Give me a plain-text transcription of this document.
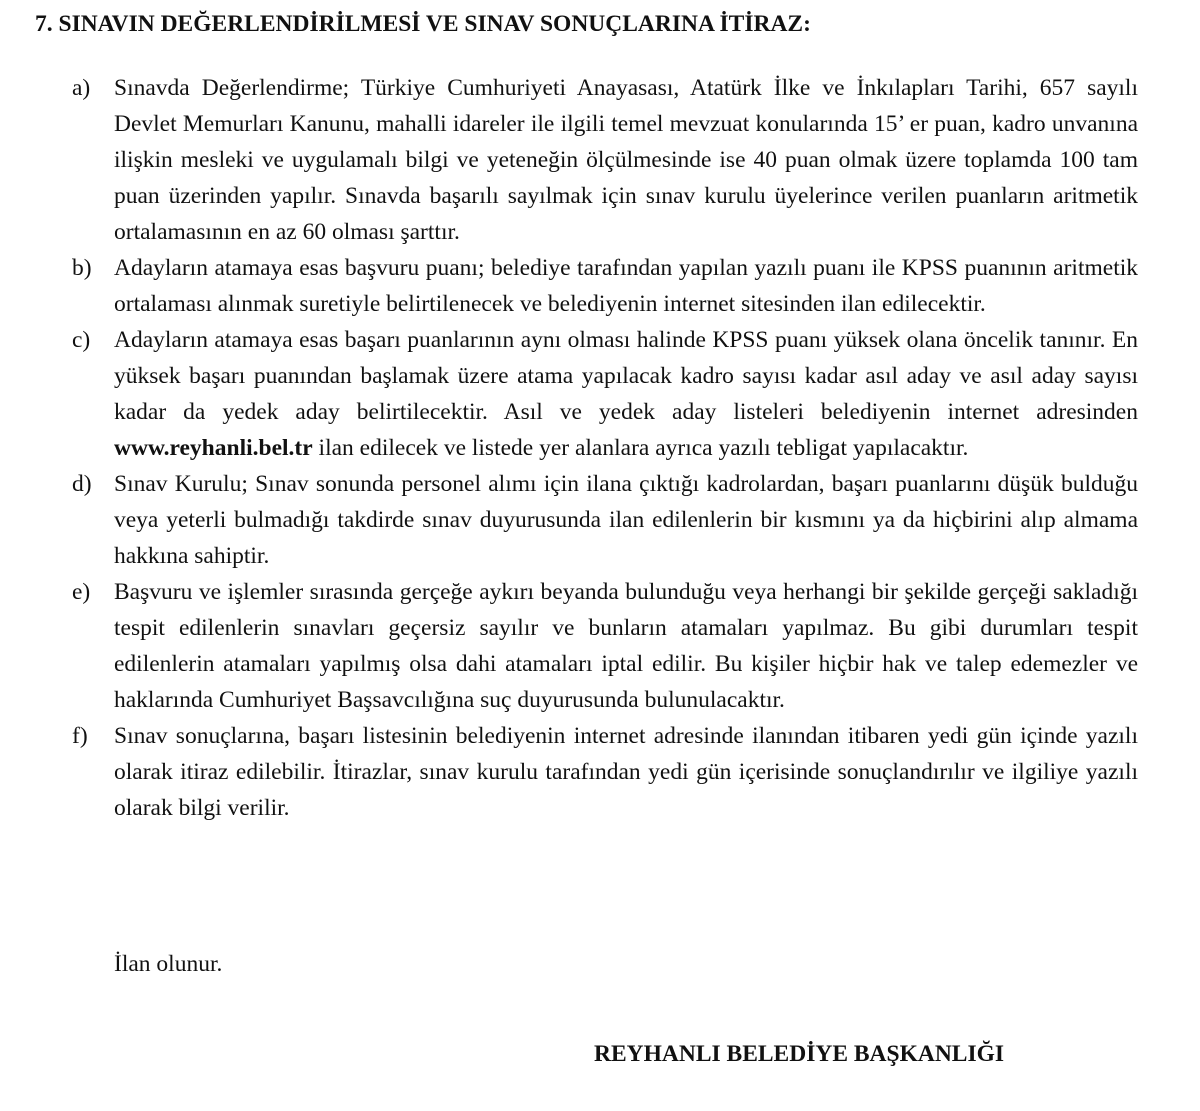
7. SINAVIN DEĞERLENDİRİLMESİ VE SINAV SONUÇLARINA İTİRAZ:
a) Sınavda Değerlendirme; Türkiye Cumhuriyeti Anayasası, Atatürk İlke ve İnkılapları Tarihi, 657 sayılı Devlet Memurları Kanunu, mahalli idareler ile ilgili temel mevzuat konularında 15’ er puan, kadro unvanına ilişkin mesleki ve uygulamalı bilgi ve yeteneğin ölçülmesinde ise 40 puan olmak üzere toplamda 100 tam puan üzerinden yapılır. Sınavda başarılı sayılmak için sınav kurulu üyelerince verilen puanların aritmetik ortalamasının en az 60 olması şarttır.
b) Adayların atamaya esas başvuru puanı; belediye tarafından yapılan yazılı puanı ile KPSS puanının aritmetik ortalaması alınmak suretiyle belirtilenecek ve belediyenin internet sitesinden ilan edilecektir.
c) Adayların atamaya esas başarı puanlarının aynı olması halinde KPSS puanı yüksek olana öncelik tanınır. En yüksek başarı puanından başlamak üzere atama yapılacak kadro sayısı kadar asıl aday ve asıl aday sayısı kadar da yedek aday belirtilecektir. Asıl ve yedek aday listeleri belediyenin internet adresinden www.reyhanli.bel.tr ilan edilecek ve listede yer alanlara ayrıca yazılı tebligat yapılacaktır.
d) Sınav Kurulu; Sınav sonunda personel alımı için ilana çıktığı kadrolardan, başarı puanlarını düşük bulduğu veya yeterli bulmadığı takdirde sınav duyurusunda ilan edilenlerin bir kısmını ya da hiçbirini alıp almama hakkına sahiptir.
e) Başvuru ve işlemler sırasında gerçeğe aykırı beyanda bulunduğu veya herhangi bir şekilde gerçeği sakladığı tespit edilenlerin sınavları geçersiz sayılır ve bunların atamaları yapılmaz. Bu gibi durumları tespit edilenlerin atamaları yapılmış olsa dahi atamaları iptal edilir. Bu kişiler hiçbir hak ve talep edemezler ve haklarında Cumhuriyet Başsavcılığına suç duyurusunda bulunulacaktır.
f) Sınav sonuçlarına, başarı listesinin belediyenin internet adresinde ilanından itibaren yedi gün içinde yazılı olarak itiraz edilebilir. İtirazlar, sınav kurulu tarafından yedi gün içerisinde sonuçlandırılır ve ilgiliye yazılı olarak bilgi verilir.

İlan olunur.

REYHANLI BELEDİYE BAŞKANLIĞI
